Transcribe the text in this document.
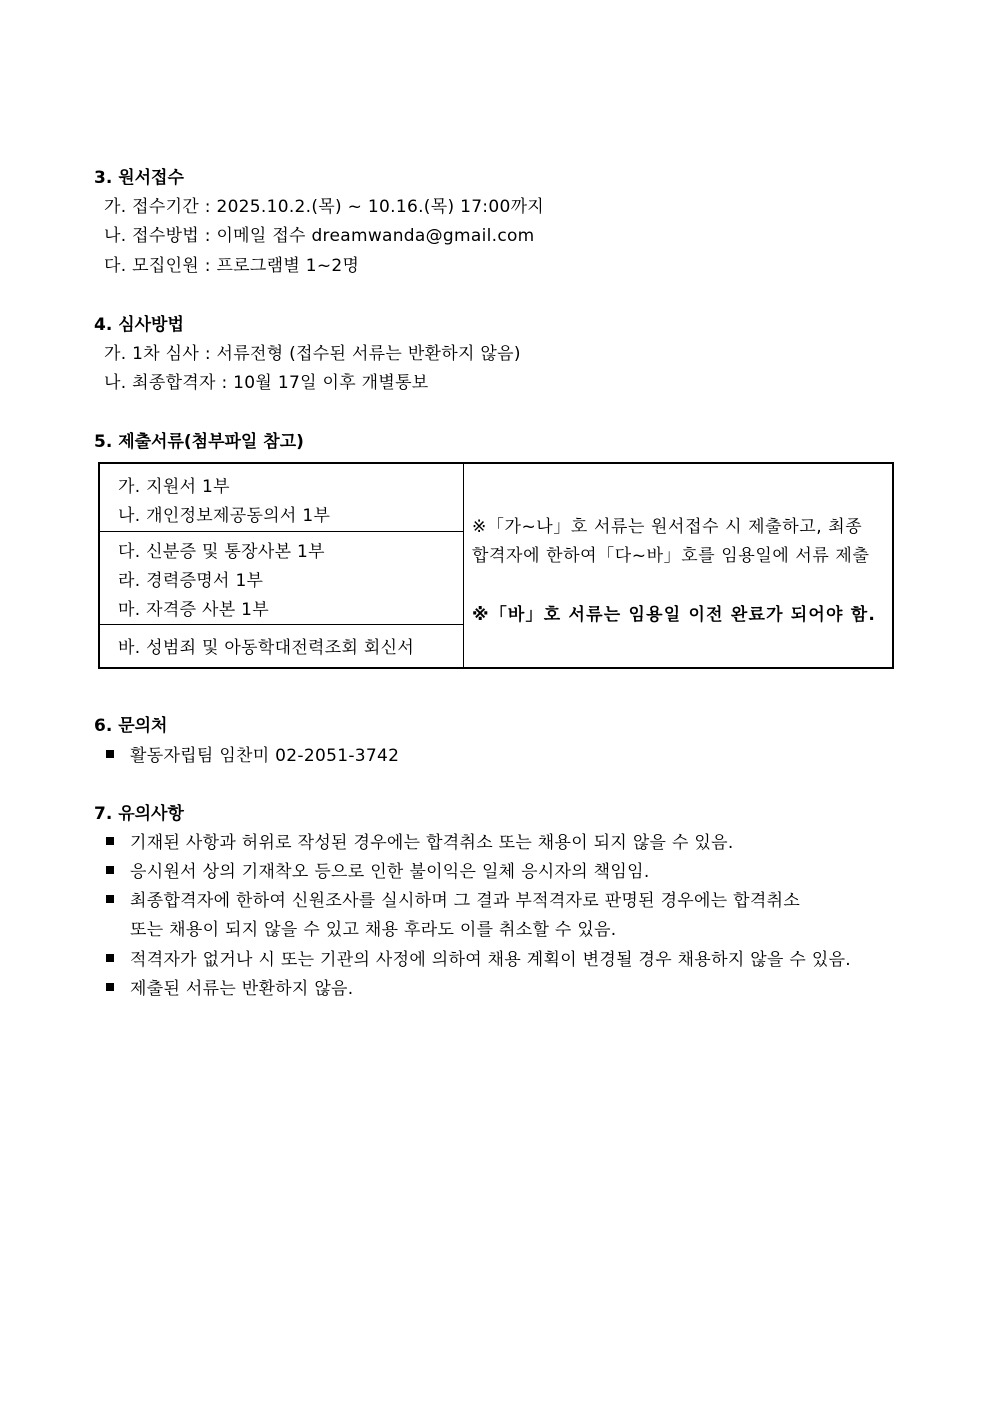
3. 원서접수
가. 접수기간 : 2025.10.2.(목) ~ 10.16.(목) 17:00까지
나. 접수방법 : 이메일 접수 dreamwanda@gmail.com
다. 모집인원 : 프로그램별 1~2명
4. 심사방법
가. 1차 심사 : 서류전형 (접수된 서류는 반환하지 않음)
나. 최종합격자 : 10월 17일 이후 개별통보
5. 제출서류(첨부파일 참고)
가. 지원서 1부
나. 개인정보제공동의서 1부
다. 신분증 및 통장사본 1부
라. 경력증명서 1부
마. 자격증 사본 1부
바. 성범죄 및 아동학대전력조회 회신서
※「가~나」호 서류는 원서접수 시 제출하고, 최종
합격자에 한하여「다~바」호를 임용일에 서류 제출
※「바」호 서류는 임용일 이전 완료가 되어야 함.
6. 문의처
활동자립팀 임찬미 02-2051-3742
7. 유의사항
기재된 사항과 허위로 작성된 경우에는 합격취소 또는 채용이 되지 않을 수 있음.
응시원서 상의 기재착오 등으로 인한 불이익은 일체 응시자의 책임임.
최종합격자에 한하여 신원조사를 실시하며 그 결과 부적격자로 판명된 경우에는 합격취소
또는 채용이 되지 않을 수 있고 채용 후라도 이를 취소할 수 있음.
적격자가 없거나 시 또는 기관의 사정에 의하여 채용 계획이 변경될 경우 채용하지 않을 수 있음.
제출된 서류는 반환하지 않음.
